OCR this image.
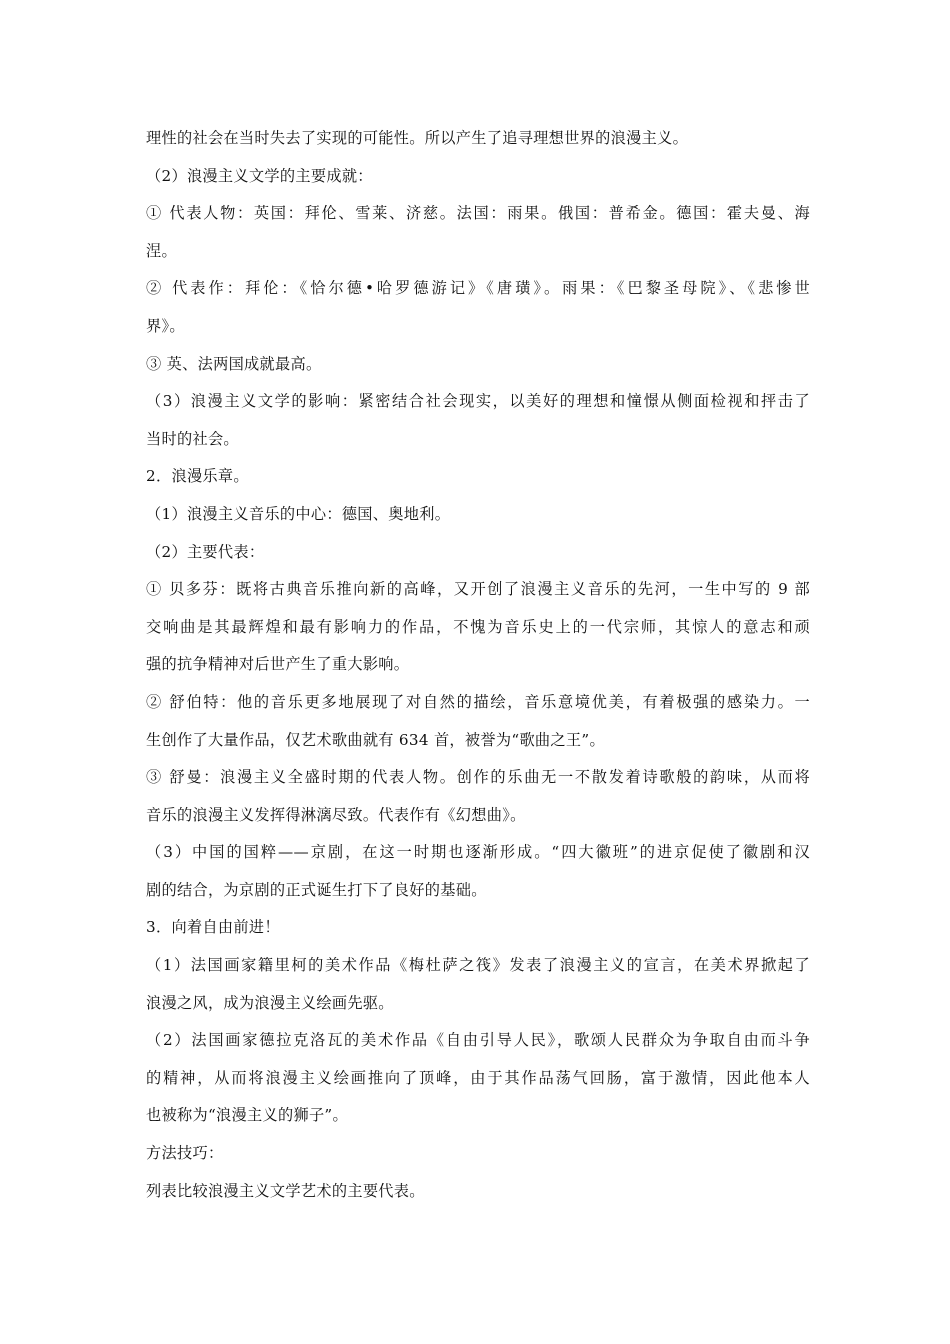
理性的社会在当时失去了实现的可能性。所以产生了追寻理想世界的浪漫主义。
（2）浪漫主义文学的主要成就：
① 代表人物：英国：拜伦、雪莱、济慈。法国：雨果。俄国：普希金。德国：霍夫曼、海
涅。
② 代表作：拜伦：《恰尔德•哈罗德游记》《唐璜》。雨果：《巴黎圣母院》、《悲惨世
界》。
③ 英、法两国成就最高。
（3）浪漫主义文学的影响：紧密结合社会现实，以美好的理想和憧憬从侧面检视和抨击了
当时的社会。
2．浪漫乐章。
（1）浪漫主义音乐的中心：德国、奥地利。
（2）主要代表：
① 贝多芬：既将古典音乐推向新的高峰，又开创了浪漫主义音乐的先河，一生中写的 9 部
交响曲是其最辉煌和最有影响力的作品，不愧为音乐史上的一代宗师，其惊人的意志和顽
强的抗争精神对后世产生了重大影响。
② 舒伯特：他的音乐更多地展现了对自然的描绘，音乐意境优美，有着极强的感染力。一
生创作了大量作品，仅艺术歌曲就有 634 首，被誉为“歌曲之王”。
③ 舒曼：浪漫主义全盛时期的代表人物。创作的乐曲无一不散发着诗歌般的韵味，从而将
音乐的浪漫主义发挥得淋漓尽致。代表作有《幻想曲》。
（3）中国的国粹——京剧，在这一时期也逐渐形成。“四大徽班”的进京促使了徽剧和汉
剧的结合，为京剧的正式诞生打下了良好的基础。
3．向着自由前进！
（1）法国画家籍里柯的美术作品《梅杜萨之筏》发表了浪漫主义的宣言，在美术界掀起了
浪漫之风，成为浪漫主义绘画先驱。
（2）法国画家德拉克洛瓦的美术作品《自由引导人民》，歌颂人民群众为争取自由而斗争
的精神，从而将浪漫主义绘画推向了顶峰，由于其作品荡气回肠，富于激情，因此他本人
也被称为“浪漫主义的狮子”。
方法技巧：
列表比较浪漫主义文学艺术的主要代表。
